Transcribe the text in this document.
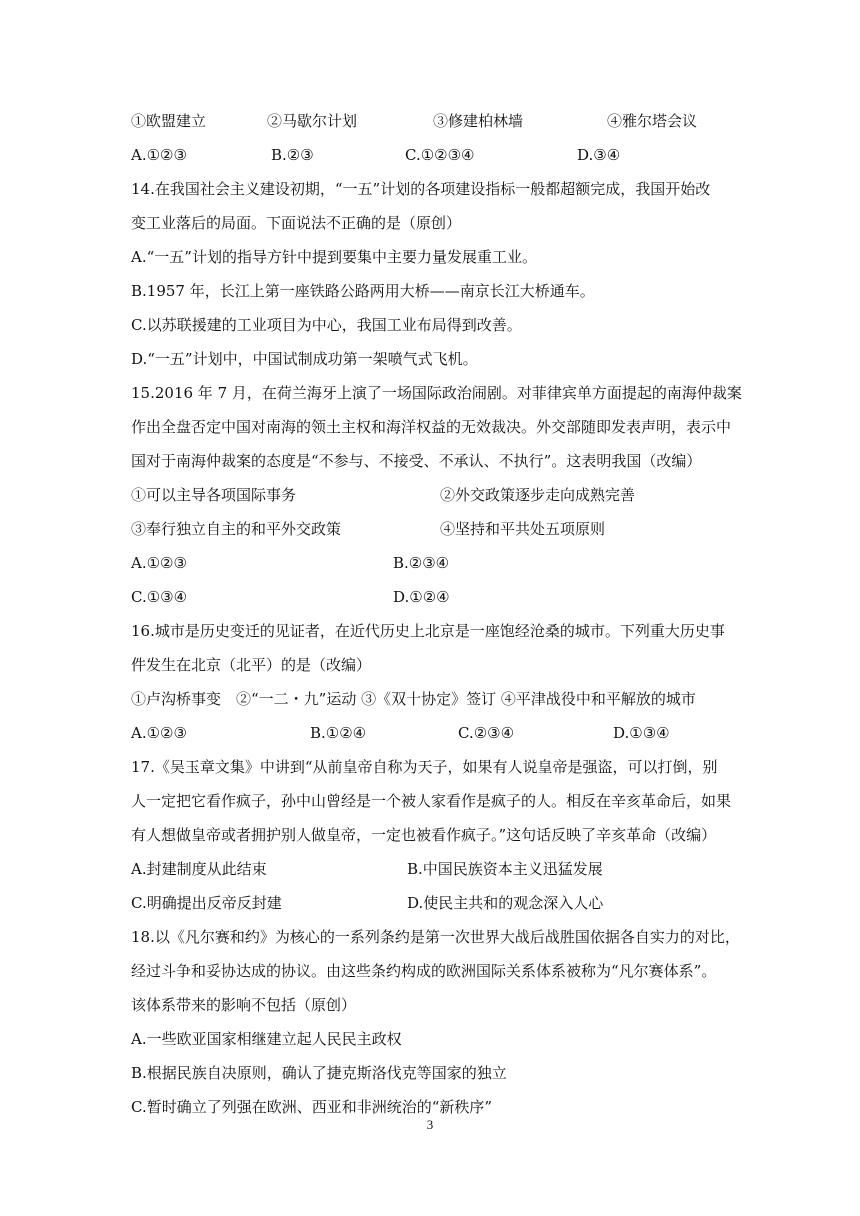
①欧盟建立	②马歇尔计划	③修建柏林墙	④雅尔塔会议
A.①②③	B.②③	C.①②③④	D.③④
14.在我国社会主义建设初期，“一五”计划的各项建设指标一般都超额完成，我国开始改
变工业落后的局面。下面说法不正确的是（原创）
A.“一五”计划的指导方针中提到要集中主要力量发展重工业。
B.1957 年，长江上第一座铁路公路两用大桥——南京长江大桥通车。
C.以苏联援建的工业项目为中心，我国工业布局得到改善。
D.“一五”计划中，中国试制成功第一架喷气式飞机。
15.2016 年 7 月，在荷兰海牙上演了一场国际政治闹剧。对菲律宾单方面提起的南海仲裁案
作出全盘否定中国对南海的领土主权和海洋权益的无效裁决。外交部随即发表声明，表示中
国对于南海仲裁案的态度是“不参与、不接受、不承认、不执行”。这表明我国（改编）
①可以主导各项国际事务	②外交政策逐步走向成熟完善
③奉行独立自主的和平外交政策	④坚持和平共处五项原则
A.①②③	B.②③④
C.①③④	D.①②④
16.城市是历史变迁的见证者，在近代历史上北京是一座饱经沧桑的城市。下列重大历史事
件发生在北京（北平）的是（改编）
①卢沟桥事变　②“一二・九”运动 ③《双十协定》签订 ④平津战役中和平解放的城市
A.①②③	B.①②④	C.②③④	D.①③④
17.《吴玉章文集》中讲到“从前皇帝自称为天子，如果有人说皇帝是强盗，可以打倒，别
人一定把它看作疯子，孙中山曾经是一个被人家看作是疯子的人。相反在辛亥革命后，如果
有人想做皇帝或者拥护别人做皇帝，一定也被看作疯子。”这句话反映了辛亥革命（改编）
A.封建制度从此结束	B.中国民族资本主义迅猛发展
C.明确提出反帝反封建	D.使民主共和的观念深入人心
18.以《凡尔赛和约》为核心的一系列条约是第一次世界大战后战胜国依据各自实力的对比，
经过斗争和妥协达成的协议。由这些条约构成的欧洲国际关系体系被称为“凡尔赛体系”。
该体系带来的影响不包括（原创）
A.一些欧亚国家相继建立起人民民主政权
B.根据民族自决原则，确认了捷克斯洛伐克等国家的独立
C.暂时确立了列强在欧洲、西亚和非洲统治的“新秩序”
3
